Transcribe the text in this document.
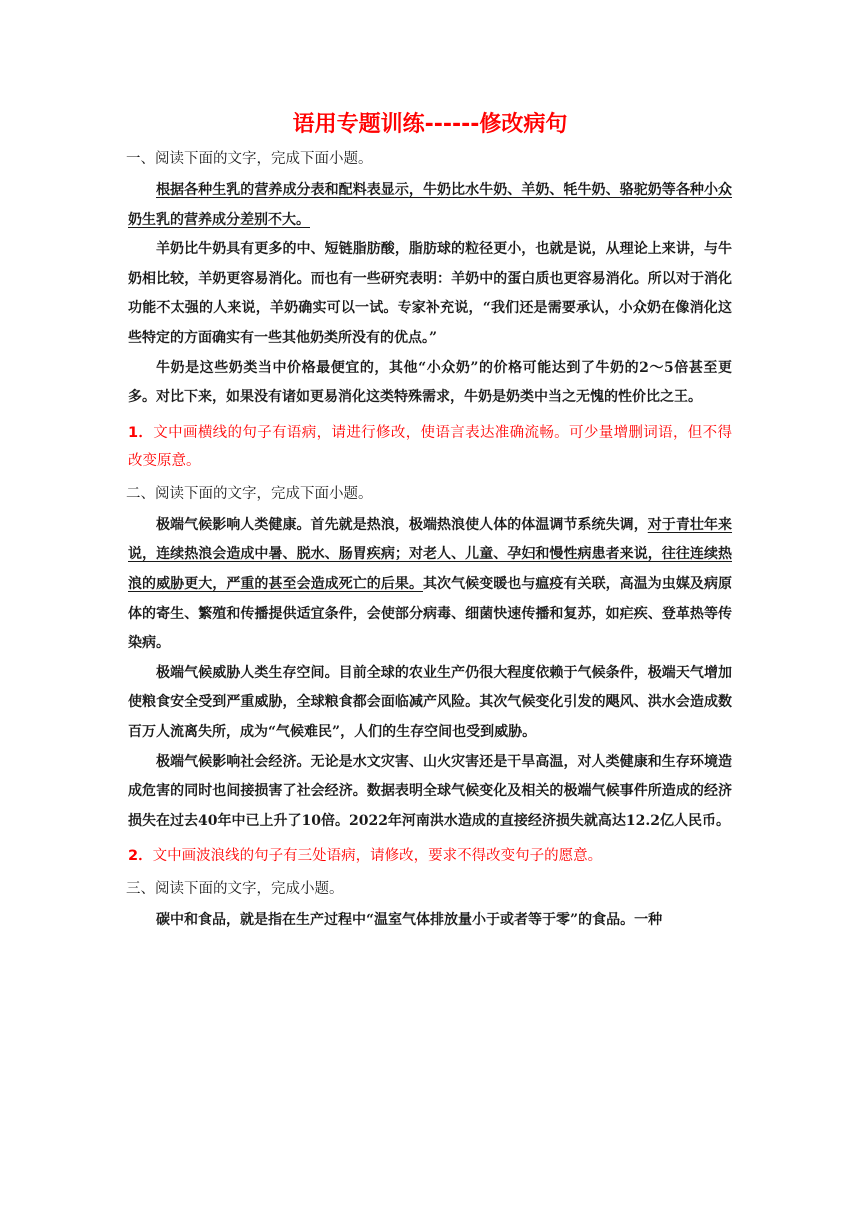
语用专题训练------修改病句
一、阅读下面的文字，完成下面小题。

根据各种生乳的营养成分表和配料表显示，牛奶比水牛奶、羊奶、牦牛奶、骆驼奶等各种小众奶生乳的营养成分差别不大。

羊奶比牛奶具有更多的中、短链脂肪酸，脂肪球的粒径更小，也就是说，从理论上来讲，与牛奶相比较，羊奶更容易消化。而也有一些研究表明：羊奶中的蛋白质也更容易消化。所以对于消化功能不太强的人来说，羊奶确实可以一试。专家补充说，“我们还是需要承认，小众奶在像消化这些特定的方面确实有一些其他奶类所没有的优点。”

牛奶是这些奶类当中价格最便宜的，其他“小众奶”的价格可能达到了牛奶的2～5倍甚至更多。对比下来，如果没有诸如更易消化这类特殊需求，牛奶是奶类中当之无愧的性价比之王。

1．文中画横线的句子有语病，请进行修改，使语言表达准确流畅。可少量增删词语，但不得改变原意。
二、阅读下面的文字，完成下面小题。

极端气候影响人类健康。首先就是热浪，极端热浪使人体的体温调节系统失调，对于青壮年来说，连续热浪会造成中暑、脱水、肠胃疾病；对老人、儿童、孕妇和慢性病患者来说，往往连续热浪的威胁更大，严重的甚至会造成死亡的后果。其次气候变暖也与瘟疫有关联，高温为虫媒及病原体的寄生、繁殖和传播提供适宜条件，会使部分病毒、细菌快速传播和复苏，如疟疾、登革热等传染病。

极端气候威胁人类生存空间。目前全球的农业生产仍很大程度依赖于气候条件，极端天气增加使粮食安全受到严重威胁，全球粮食都会面临减产风险。其次气候变化引发的飓风、洪水会造成数百万人流离失所，成为“气候难民”，人们的生存空间也受到威胁。

极端气候影响社会经济。无论是水文灾害、山火灾害还是干旱高温，对人类健康和生存环境造成危害的同时也间接损害了社会经济。数据表明全球气候变化及相关的极端气候事件所造成的经济损失在过去40年中已上升了10倍。2022年河南洪水造成的直接经济损失就高达12.2亿人民币。

2．文中画波浪线的句子有三处语病，请修改，要求不得改变句子的愿意。
三、阅读下面的文字，完成小题。

碳中和食品，就是指在生产过程中“温室气体排放量小于或者等于零”的食品。一种
